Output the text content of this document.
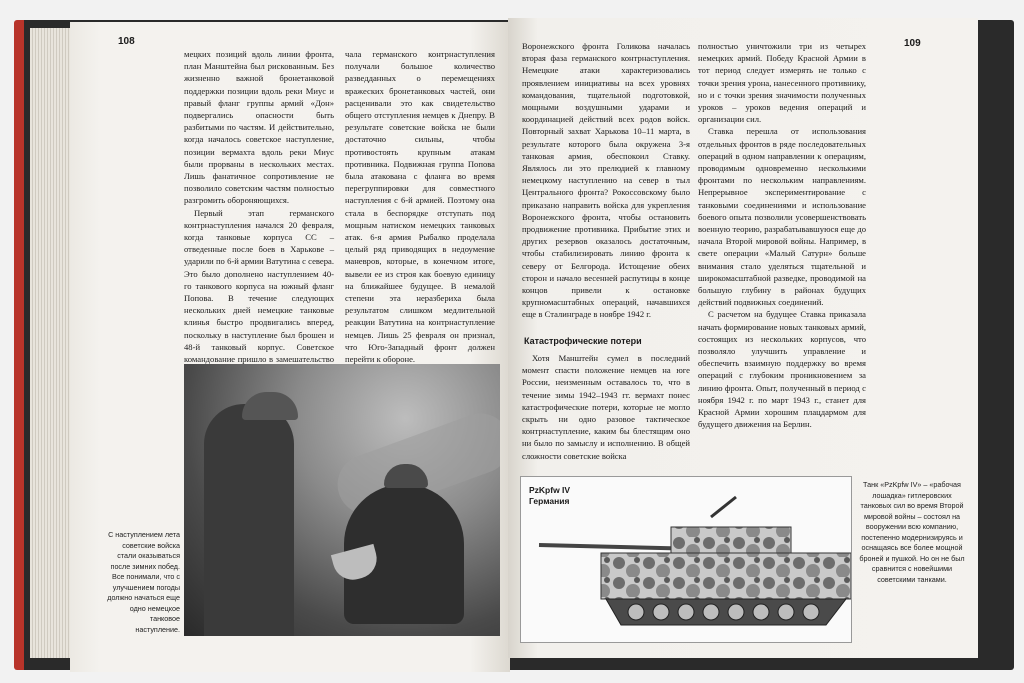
108

мецких позиций вдоль линии фронта, план Манштейна был рискованным. Без жизненно важной бронетанковой поддержки позиции вдоль реки Миус и правый фланг группы армий «Дон» подвергались опасности быть разбитыми по частям. И действительно, когда началось советское наступление, позиции вермахта вдоль реки Миус были прорваны в нескольких местах. Лишь фанатичное сопротивление не позволило советским частям полностью разгромить обороняющихся.

Первый этап германского контрнаступления начался 20 февраля, когда танковые корпуса СС – отведенные после боев в Харькове – ударили по 6-й армии Ватутина с севера. Это было дополнено наступлением 40-го танкового корпуса на южный фланг Попова. В течение следующих нескольких дней немецкие танковые клинья быстро продвигались вперед, поскольку в наступление был брошен и 48-й танковый корпус. Советское командование пришло в замешательство

чала германского контрнаступления получали большое количество разведданных о перемещениях вражеских бронетанковых частей, они расценивали это как свидетельство общего отступления немцев к Днепру. В результате советские войска не были достаточно сильны, чтобы противостоять крупным атакам противника. Подвижная группа Попова была атакована с фланга во время перегруппировки для совместного наступления с 6-й армией. Поэтому она стала в беспорядке отступать под мощным натиском немецких танковых атак. 6-я армия Рыбалко проделала целый ряд приводящих в недоумение маневров, которые, в конечном итоге, вывели ее из строя как боевую единицу на ближайшее будущее. В немалой степени эта неразбериха была результатом слишком медлительной реакции Ватутина на контрнаступление немцев. Лишь 25 февраля он признал, что Юго-Западный фронт должен перейти к обороне.

С наступлением лета советские войска стали оказываться после зимних побед. Все понимали, что с улучшением погоды должно начаться еще одно немецкое танковое наступление.
109

Воронежского фронта Голикова началась вторая фаза германского контрнаступления. Немецкие атаки характеризовались проявлением инициативы на всех уровнях командования, тщательной подготовкой, мощными воздушными ударами и координацией действий всех родов войск. Повторный захват Харькова 10–11 марта, в результате которого была окружена 3-я танковая армия, обеспокоил Ставку. Являлось ли это прелюдией к главному немецкому наступлению на север в тыл Центрального фронта? Рокоссовскому было приказано направить войска для укрепления Воронежского фронта, чтобы остановить продвижение противника. Прибытие этих и других резервов оказалось достаточным, чтобы стабилизировать линию фронта к северу от Белгорода. Истощение обеих сторон и начало весенней распутицы в конце концов привели к остановке крупномасштабных операций, начавшихся еще в Сталинграде в ноябре 1942 г.

Катастрофические потери

Хотя Манштейн сумел в последний момент спасти положение немцев на юге России, неизменным оставалось то, что в течение зимы 1942–1943 гг. вермахт понес катастрофические потери, которые не могло скрыть ни одно разовое тактическое контрнаступление, каким бы блестящим оно ни было по замыслу и исполнению. В общей сложности советские войска

полностью уничтожили три из четырех немецких армий. Победу Красной Армии в тот период следует измерять не только с точки зрения урона, нанесенного противнику, но и с точки зрения значимости полученных уроков – уроков ведения операций и организации сил.

Ставка перешла от использования отдельных фронтов в ряде последовательных операций в одном направлении к операциям, проводимым одновременно несколькими фронтами по нескольким направлениям. Непрерывное экспериментирование с танковыми соединениями и использование боевого опыта позволили усовершенствовать военную теорию, разрабатывавшуюся еще до начала Второй мировой войны. Например, в свете операции «Малый Сатурн» больше внимания стало уделяться тщательной и широкомасштабной разведке, проводимой на большую глубину в районах будущих действий подвижных соединений.

С расчетом на будущее Ставка приказала начать формирование новых танковых армий, состоящих из нескольких корпусов, что позволяло улучшить управление и обеспечить взаимную поддержку во время операций с глубоким проникновением за линию фронта. Опыт, полученный в период с ноября 1942 г. по март 1943 г., станет для Красной Армии хорошим плацдармом для будущего движения на Берлин.

PzKpfw IV
Германия
Танк «PzKpfw IV» – «рабочая лошадка» гитлеровских танковых сил во время Второй мировой войны – состоял на вооружении всю компанию, постепенно модернизируясь и оснащаясь все более мощной броней и пушкой. Но он не был сравнится с новейшими советскими танками.
